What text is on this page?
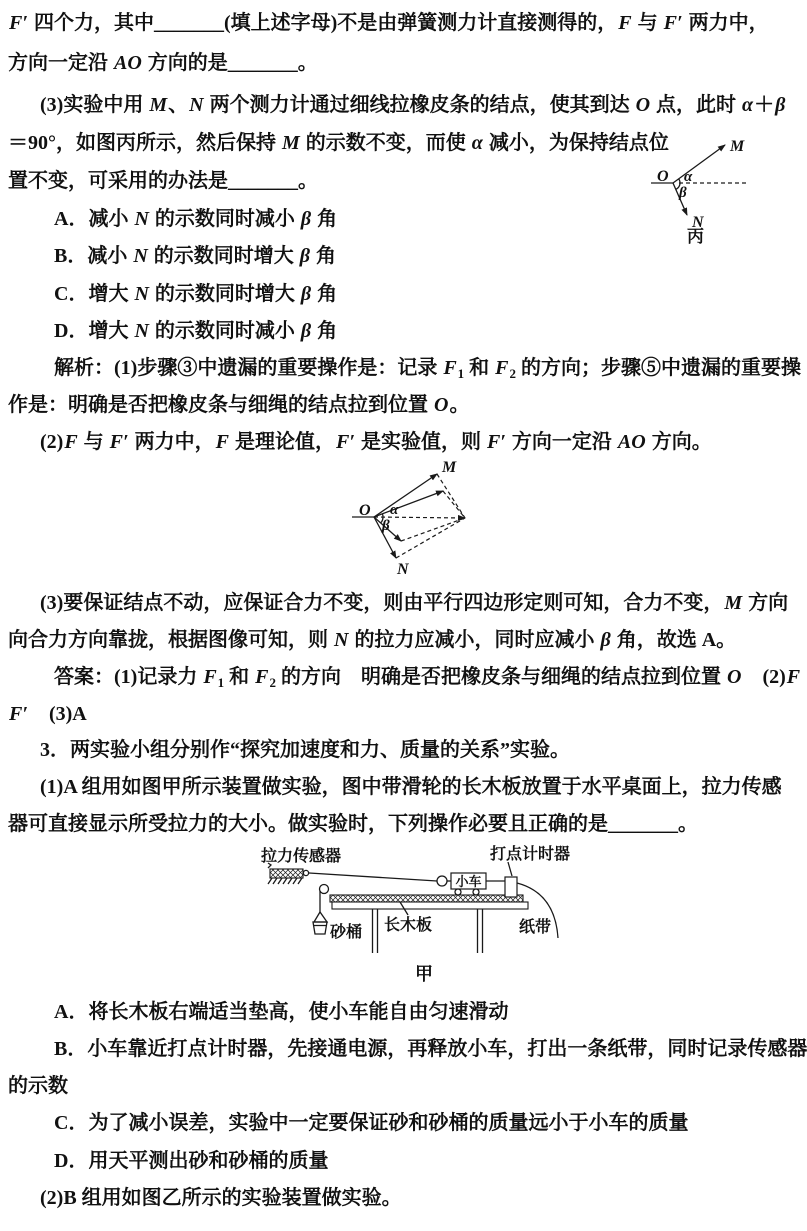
F′ 四个力，其中_______(填上述字母)不是由弹簧测力计直接测得的，F 与 F′ 两力中，
方向一定沿 AO 方向的是_______。
(3)实验中用 M、N 两个测力计通过细线拉橡皮条的结点，使其到达 O 点，此时 α＋β
＝90°，如图丙所示，然后保持 M 的示数不变，而使 α 减小，为保持结点位
置不变，可采用的办法是_______。
A．减小 N 的示数同时减小 β 角
B．减小 N 的示数同时增大 β 角
C．增大 N 的示数同时增大 β 角
D．增大 N 的示数同时减小 β 角
解析：(1)步骤③中遗漏的重要操作是：记录 $F_1$ 和 $F_2$ 的方向；步骤⑤中遗漏的重要操
作是：明确是否把橡皮条与细绳的结点拉到位置 O。
(2)F 与 F′ 两力中，F 是理论值，F′ 是实验值，则 F′ 方向一定沿 AO 方向。
(3)要保证结点不动，应保证合力不变，则由平行四边形定则可知，合力不变，M 方向
向合力方向靠拢，根据图像可知，则 N 的拉力应减小，同时应减小 β 角，故选 A。
答案：(1)记录力 $F_1$ 和 $F_2$ 的方向　明确是否把橡皮条与细绳的结点拉到位置 O　(2)F
F′　(3)A
3．两实验小组分别作“探究加速度和力、质量的关系”实验。
(1)A 组用如图甲所示装置做实验，图中带滑轮的长木板放置于水平桌面上，拉力传感
器可直接显示所受拉力的大小。做实验时，下列操作必要且正确的是_______。
A．将长木板右端适当垫高，使小车能自由匀速滑动
B．小车靠近打点计时器，先接通电源，再释放小车，打出一条纸带，同时记录传感器
的示数
C．为了减小误差，实验中一定要保证砂和砂桶的质量远小于小车的质量
D．用天平测出砂和砂桶的质量
(2)B 组用如图乙所示的实验装置做实验。
O
M
N
α
β
丙
O
M
N
α
β
拉力传感器	打点计时器
小车
砂桶 长木板	纸带
甲
